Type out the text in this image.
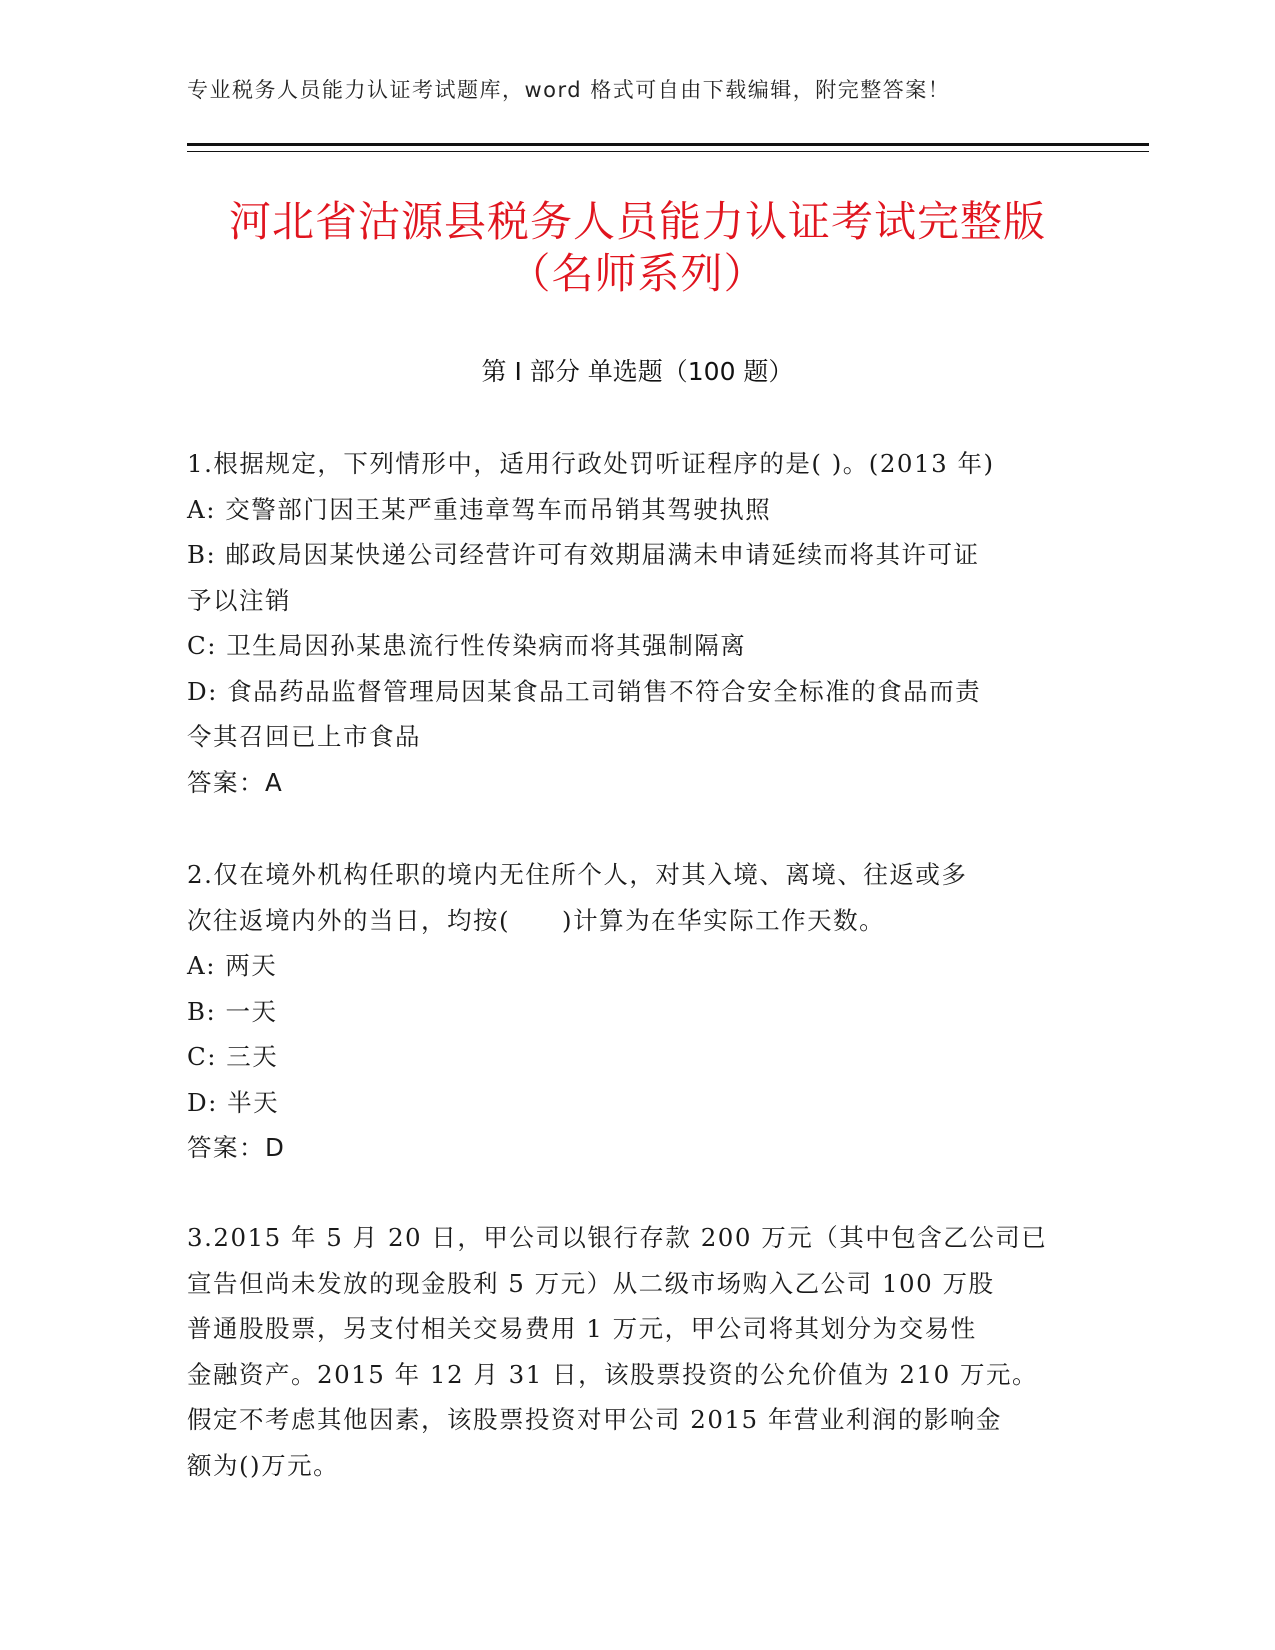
专业税务人员能力认证考试题库，word 格式可自由下载编辑，附完整答案！
河北省沽源县税务人员能力认证考试完整版
（名师系列）
第 I 部分 单选题（100 题）

1.根据规定，下列情形中，适用行政处罚听证程序的是( )。(2013 年)

A: 交警部门因王某严重违章驾车而吊销其驾驶执照

B: 邮政局因某快递公司经营许可有效期届满未申请延续而将其许可证

予以注销

C: 卫生局因孙某患流行性传染病而将其强制隔离

D: 食品药品监督管理局因某食品工司销售不符合安全标准的食品而责

令其召回已上市食品

答案：A

2.仅在境外机构任职的境内无住所个人，对其入境、离境、往返或多

次往返境内外的当日，均按(　　)计算为在华实际工作天数。

A: 两天

B: 一天

C: 三天

D: 半天

答案：D

3.2015 年 5 月 20 日，甲公司以银行存款 200 万元（其中包含乙公司已

宣告但尚未发放的现金股利 5 万元）从二级市场购入乙公司 100 万股

普通股股票，另支付相关交易费用 1 万元，甲公司将其划分为交易性

金融资产。2015 年 12 月 31 日，该股票投资的公允价值为 210 万元。

假定不考虑其他因素，该股票投资对甲公司 2015 年营业利润的影响金

额为()万元。
